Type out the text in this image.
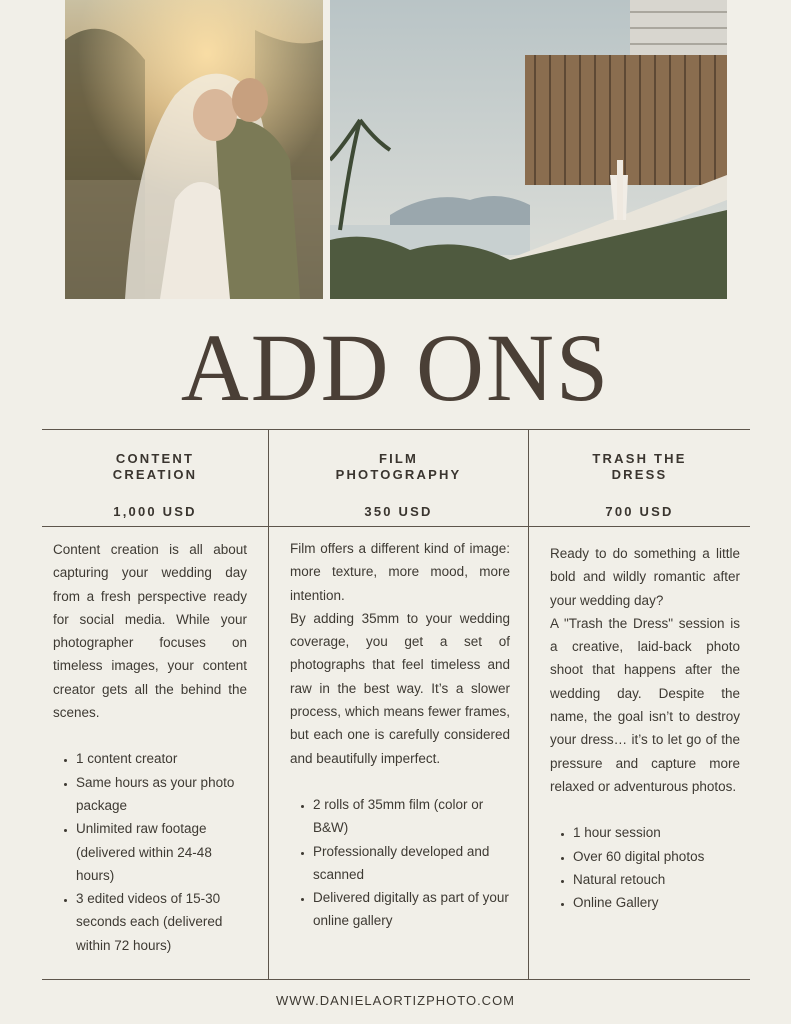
ADD ONS
CONTENT
CREATION
1,000 USD
FILM
PHOTOGRAPHY
350 USD
TRASH THE
DRESS
700 USD

Content creation is all about capturing your wedding day from a fresh perspective ready for social media. While your photographer focuses on timeless images, your content creator gets all the behind the scenes.

• 1 content creator
• Same hours as your photo package
• Unlimited raw footage (delivered within 24-48 hours)
• 3 edited videos of 15-30 seconds each (delivered within 72 hours)

Film offers a different kind of image: more texture, more mood, more intention.

By adding 35mm to your wedding coverage, you get a set of photographs that feel timeless and raw in the best way. It’s a slower process, which means fewer frames, but each one is carefully considered and beautifully imperfect.

• 2 rolls of 35mm film (color or B&W)
• Professionally developed and scanned
• Delivered digitally as part of your online gallery

Ready to do something a little bold and wildly romantic after your wedding day?

A "Trash the Dress" session is a creative, laid-back photo shoot that happens after the wedding day. Despite the name, the goal isn’t to destroy your dress… it’s to let go of the pressure and capture more relaxed or adventurous photos.

• 1 hour session
• Over 60 digital photos
• Natural retouch
• Online Gallery
WWW.DANIELAORTIZPHOTO.COM
